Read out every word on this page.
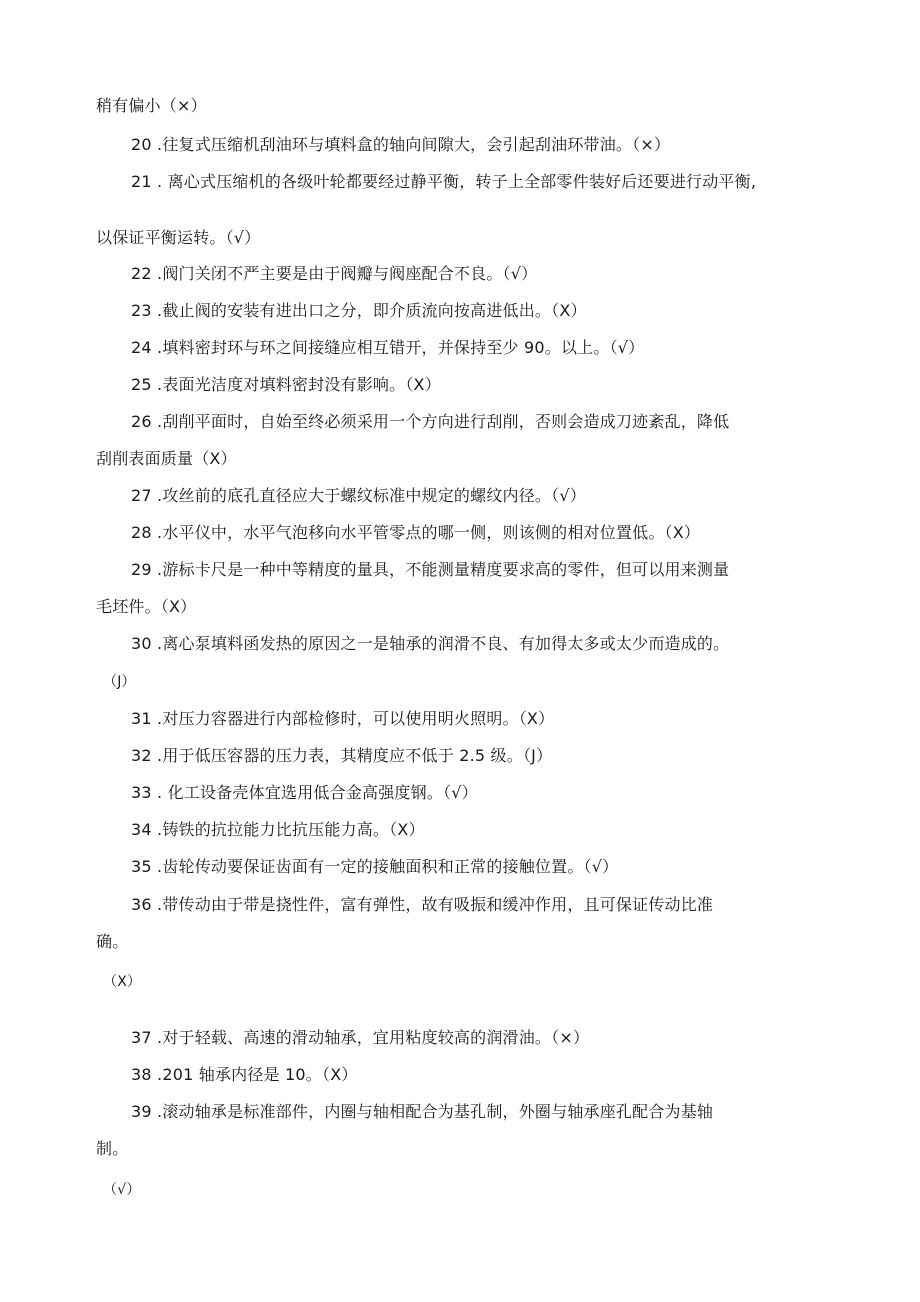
稍有偏小（×）
20 .往复式压缩机刮油环与填料盒的轴向间隙大，会引起刮油环带油。（×）
21 . 离心式压缩机的各级叶轮都要经过静平衡，转子上全部零件装好后还要进行动平衡,
以保证平衡运转。（√）
22 .阀门关闭不严主要是由于阀瓣与阀座配合不良。（√）
23 .截止阀的安装有进出口之分，即介质流向按高进低出。（X）
24 .填料密封环与环之间接缝应相互错开，并保持至少 90。以上。（√）
25 .表面光洁度对填料密封没有影响。（X）
26 .刮削平面时，自始至终必须采用一个方向进行刮削，否则会造成刀迹紊乱，降低
刮削表面质量（X）
27 .攻丝前的底孔直径应大于螺纹标准中规定的螺纹内径。（√）
28 .水平仪中，水平气泡移向水平管零点的哪一侧，则该侧的相对位置低。（X）
29 .游标卡尺是一种中等精度的量具，不能测量精度要求高的零件，但可以用来测量
毛坯件。（X）
30 .离心泵填料函发热的原因之一是轴承的润滑不良、有加得太多或太少而造成的。
（J）
31 .对压力容器进行内部检修时，可以使用明火照明。（X）
32 .用于低压容器的压力表，其精度应不低于 2.5 级。（J）
33 . 化工设备壳体宜选用低合金高强度钢。（√）
34 .铸铁的抗拉能力比抗压能力高。（X）
35 .齿轮传动要保证齿面有一定的接触面积和正常的接触位置。（√）
36 .带传动由于带是挠性件，富有弹性，故有吸振和缓冲作用，且可保证传动比准
确。
（X）
37 .对于轻载、高速的滑动轴承，宜用粘度较高的润滑油。（×）
38 .201 轴承内径是 10。（X）
39 .滚动轴承是标准部件，内圈与轴相配合为基孔制，外圈与轴承座孔配合为基轴
制。
（√）
